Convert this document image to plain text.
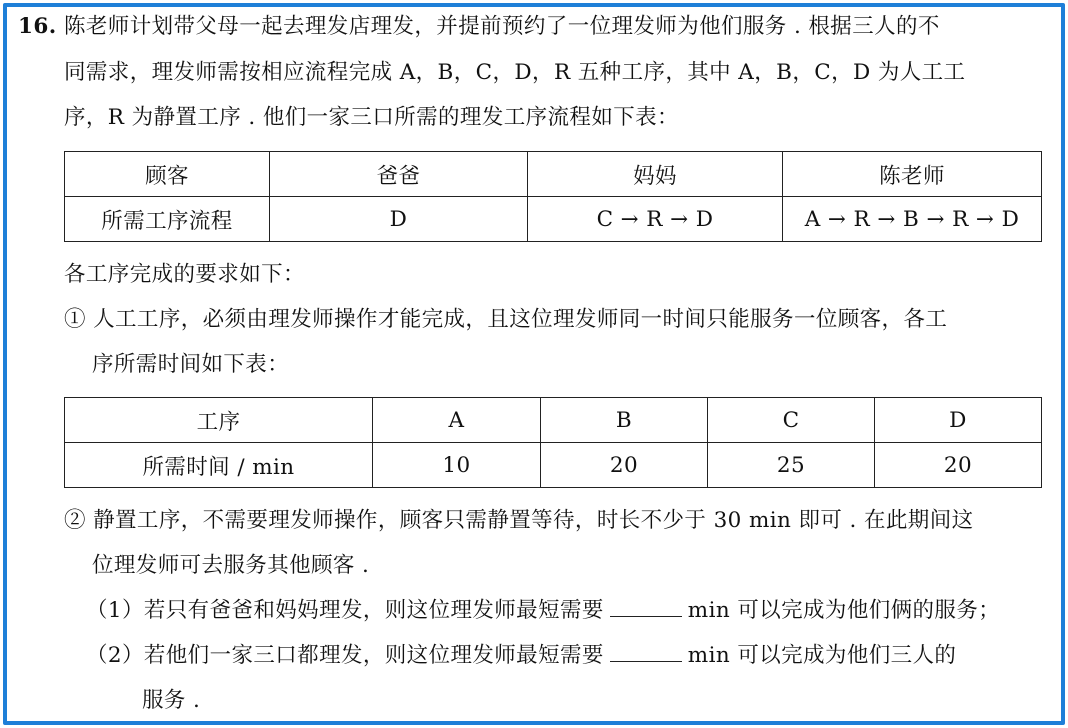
16. 陈老师计划带父母一起去理发店理发，并提前预约了一位理发师为他们服务 . 根据三人的不
同需求，理发师需按相应流程完成 A，B，C，D，R 五种工序，其中 A，B，C，D 为人工工
序，R 为静置工序 . 他们一家三口所需的理发工序流程如下表：
顾客	爸爸	妈妈	陈老师
所需工序流程	D	C → R → D	A → R → B → R → D
各工序完成的要求如下：
① 人工工序，必须由理发师操作才能完成，且这位理发师同一时间只能服务一位顾客，各工
序所需时间如下表：
工序	A	B	C	D
所需时间 / min	10	20	25	20
② 静置工序，不需要理发师操作，顾客只需静置等待，时长不少于 30 min 即可 . 在此期间这
位理发师可去服务其他顾客 .
（1）若只有爸爸和妈妈理发，则这位理发师最短需要	min 可以完成为他们俩的服务；
（2）若他们一家三口都理发，则这位理发师最短需要	min 可以完成为他们三人的
服务 .
